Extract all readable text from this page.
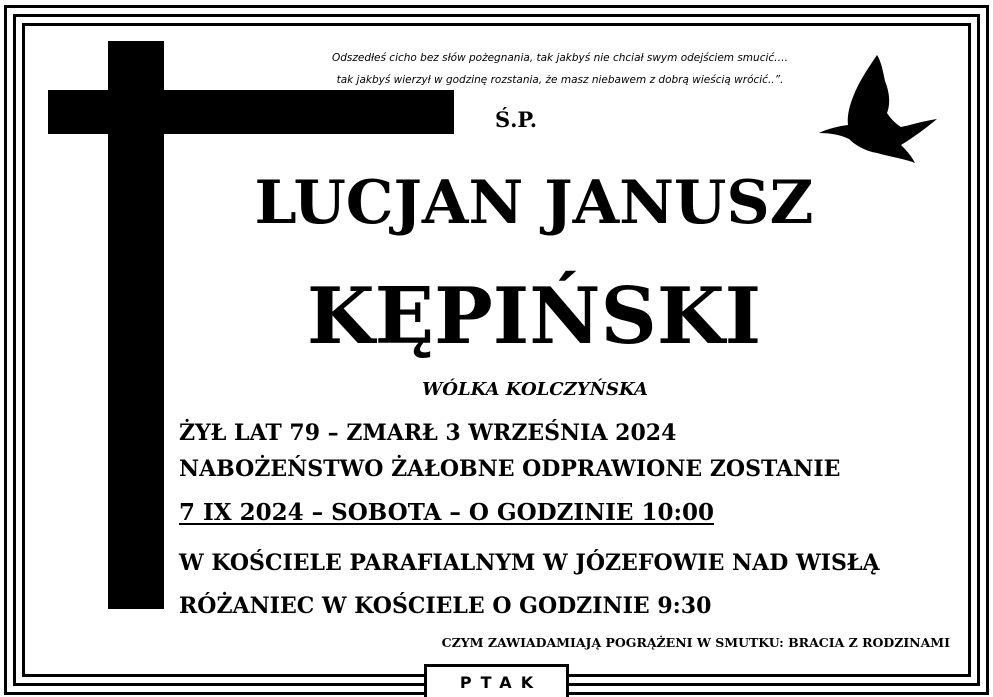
Odszedłeś cicho bez słów pożegnania, tak jakbyś nie chciał swym odejściem smucić….
tak jakbyś wierzył w godzinę rozstania, że masz niebawem z dobrą wieścią wrócić..”.
Ś.P.
LUCJAN JANUSZ
KĘPIŃSKI
WÓLKA KOLCZYŃSKA
ŻYŁ LAT 79 – ZMARŁ 3 WRZEŚNIA 2024
NABOŻEŃSTWO ŻAŁOBNE ODPRAWIONE ZOSTANIE
7 IX 2024 – SOBOTA – O GODZINIE 10:00
W KOŚCIELE PARAFIALNYM W JÓZEFOWIE NAD WISŁĄ
RÓŻANIEC W KOŚCIELE O GODZINIE 9:30
CZYM ZAWIADAMIAJĄ POGRĄŻENI W SMUTKU: BRACIA Z RODZINAMI
PTAK
